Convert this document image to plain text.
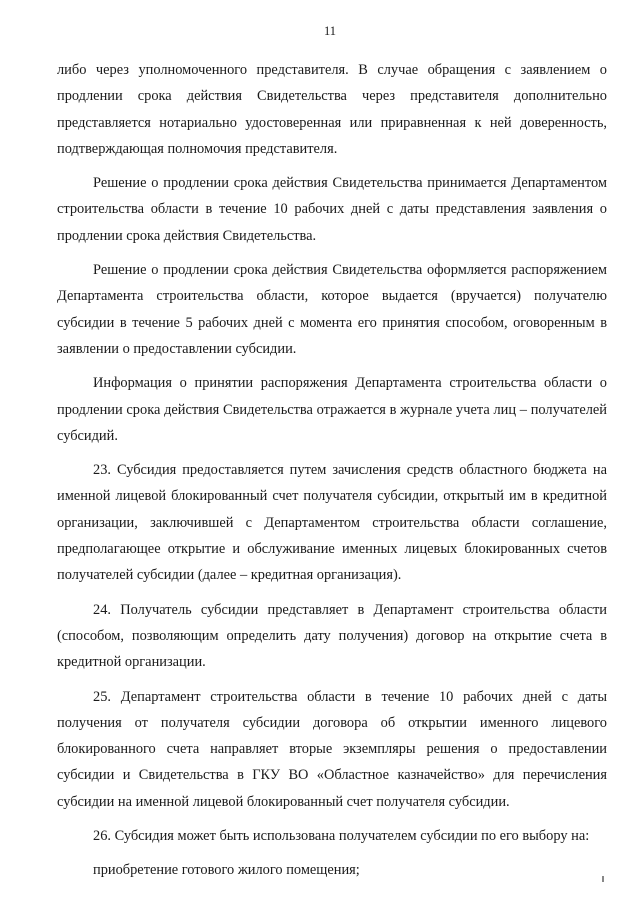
11

либо через уполномоченного представителя. В случае обращения с заявлением о продлении срока действия Свидетельства через представителя дополнительно представляется нотариально удостоверенная или приравненная к ней доверенность, подтверждающая полномочия представителя.

Решение о продлении срока действия Свидетельства принимается Департаментом строительства области в течение 10 рабочих дней с даты представления заявления о продлении срока действия Свидетельства.

Решение о продлении срока действия Свидетельства оформляется распоряжением Департамента строительства области, которое выдается (вручается) получателю субсидии в течение 5 рабочих дней с момента его принятия способом, оговоренным в заявлении о предоставлении субсидии.

Информация о принятии распоряжения Департамента строительства области о продлении срока действия Свидетельства отражается в журнале учета лиц – получателей субсидий.

23. Субсидия предоставляется путем зачисления средств областного бюджета на именной лицевой блокированный счет получателя субсидии, открытый им в кредитной организации, заключившей с Департаментом строительства области соглашение, предполагающее открытие и обслуживание именных лицевых блокированных счетов получателей субсидии (далее – кредитная организация).

24. Получатель субсидии представляет в Департамент строительства области (способом, позволяющим определить дату получения) договор на открытие счета в кредитной организации.

25. Департамент строительства области в течение 10 рабочих дней с даты получения от получателя субсидии договора об открытии именного лицевого блокированного счета направляет вторые экземпляры решения о предоставлении субсидии и Свидетельства в ГКУ ВО «Областное казначейство» для перечисления субсидии на именной лицевой блокированный счет получателя субсидии.

26. Субсидия может быть использована получателем субсидии по его выбору на:

приобретение готового жилого помещения;
